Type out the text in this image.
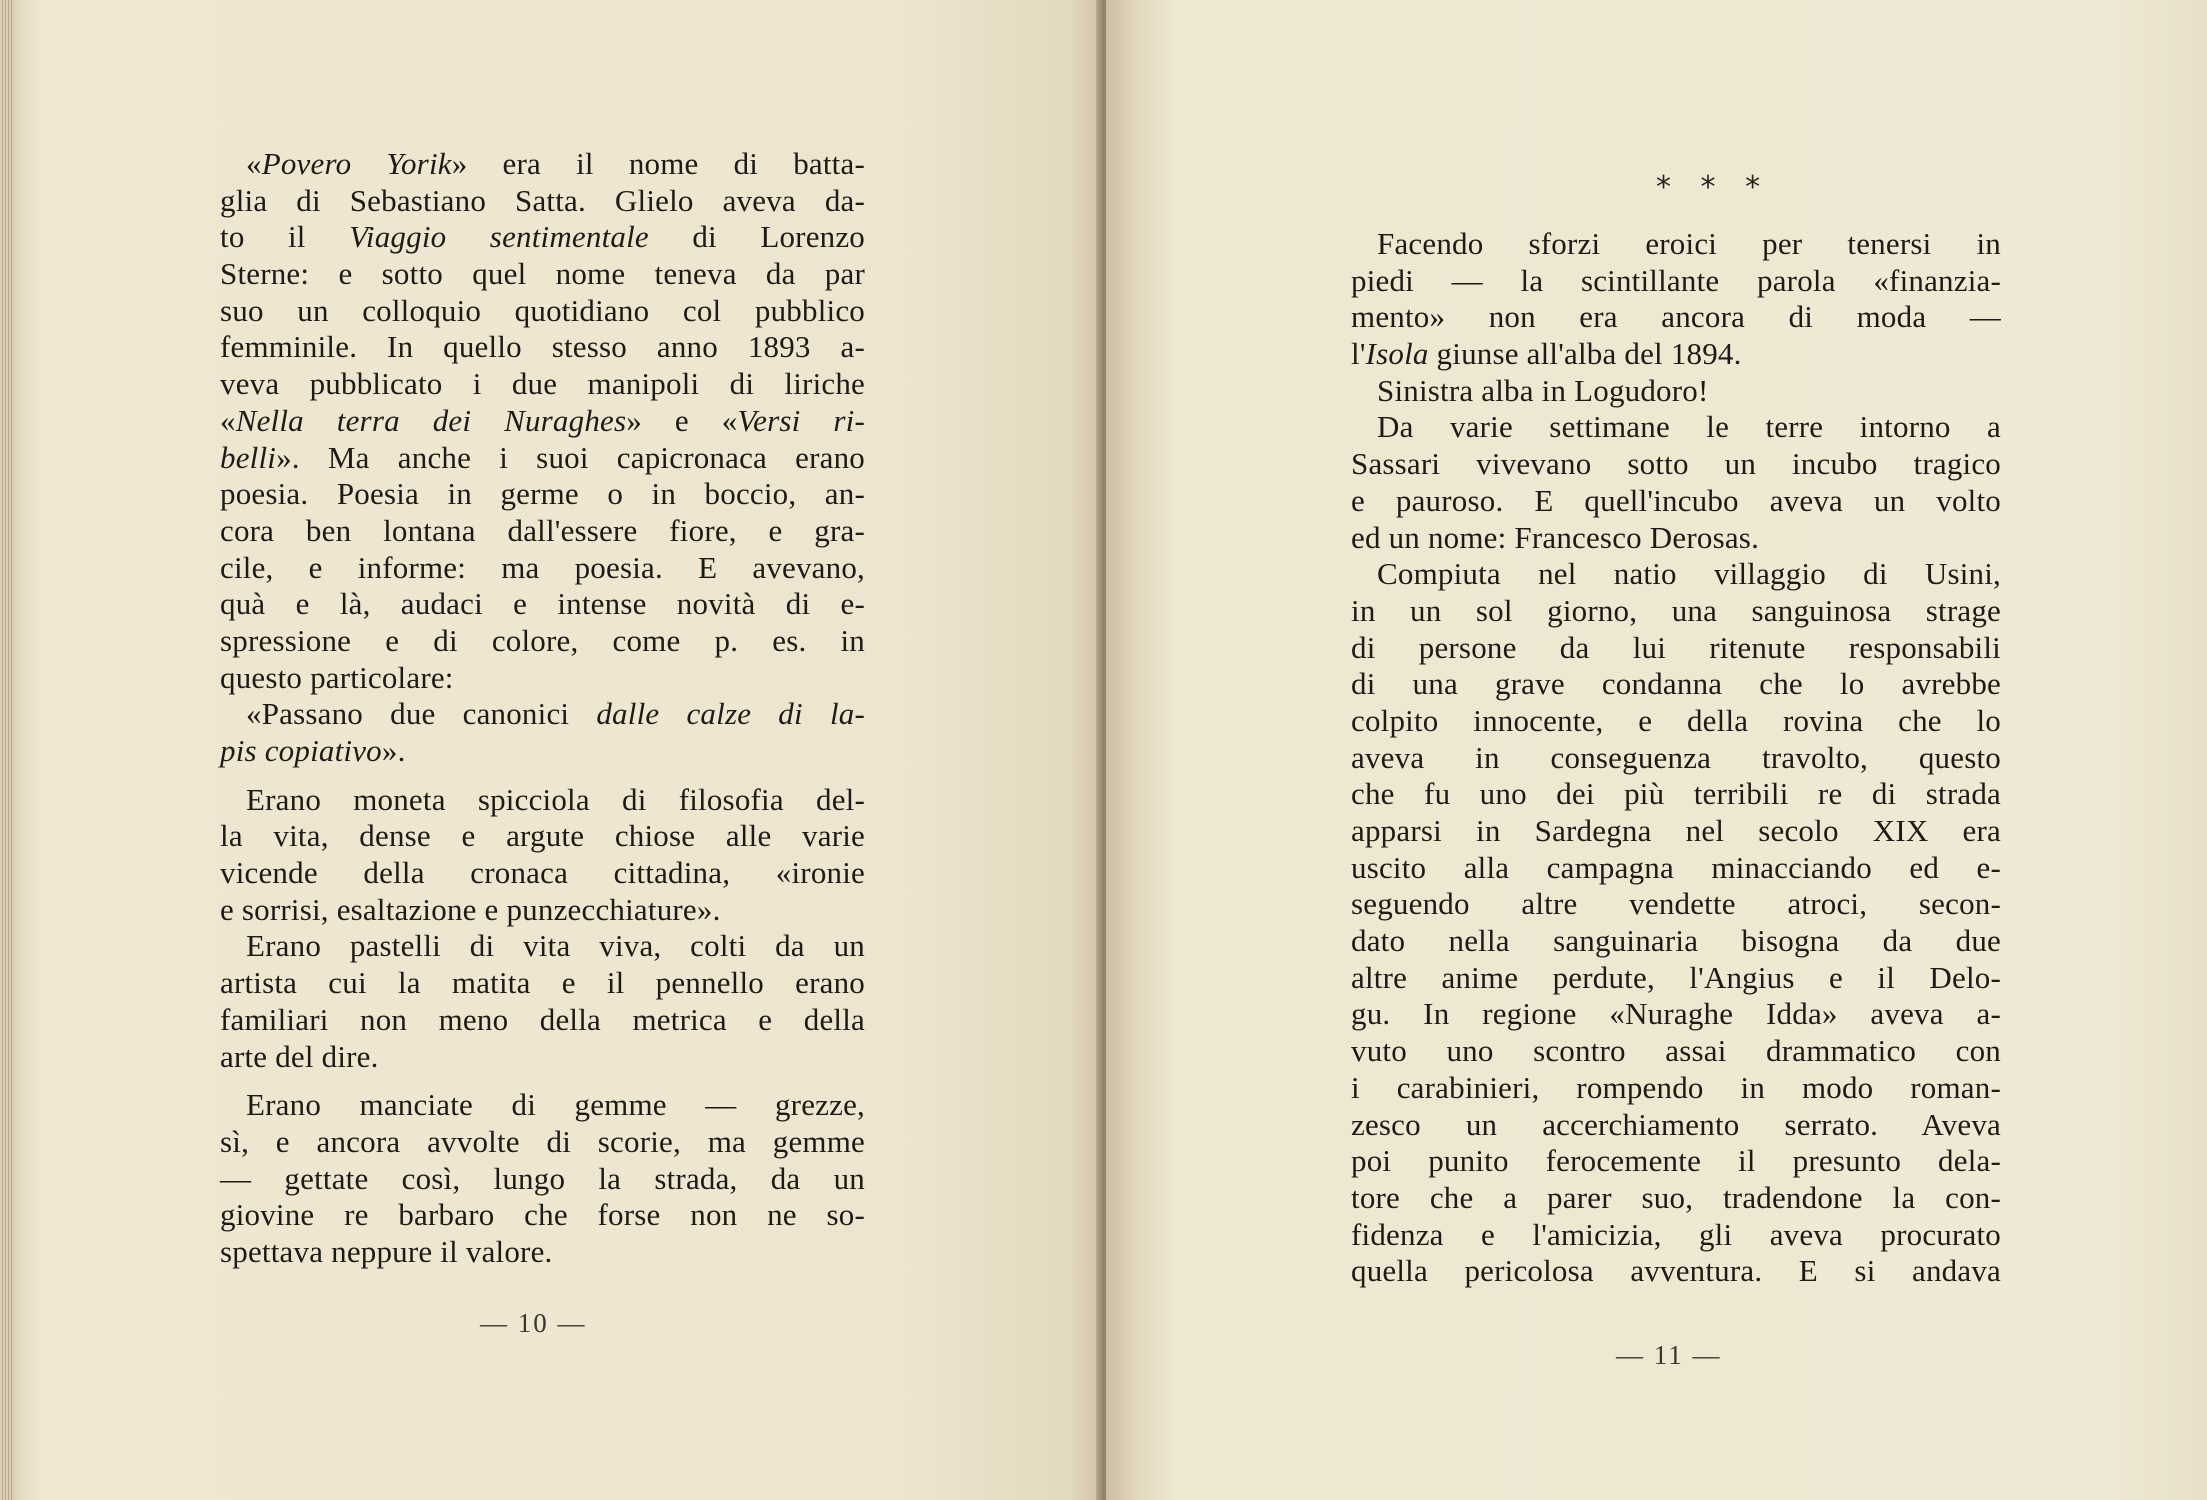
«Povero Yorik» era il nome di batta-
glia di Sebastiano Satta. Glielo aveva da-
to il Viaggio sentimentale di Lorenzo
Sterne: e sotto quel nome teneva da par
suo un colloquio quotidiano col pubblico
femminile. In quello stesso anno 1893 a-
veva pubblicato i due manipoli di liriche
«Nella terra dei Nuraghes» e «Versi ri-
belli». Ma anche i suoi capicronaca erano
poesia. Poesia in germe o in boccio, an-
cora ben lontana dall'essere fiore, e gra-
cile, e informe: ma poesia. E avevano,
quà e là, audaci e intense novità di e-
spressione e di colore, come p. es. in
questo particolare:
«Passano due canonici dalle calze di la-
pis copiativo».
Erano moneta spicciola di filosofia del-
la vita, dense e argute chiose alle varie
vicende della cronaca cittadina, «ironie
e sorrisi, esaltazione e punzecchiature».
Erano pastelli di vita viva, colti da un
artista cui la matita e il pennello erano
familiari non meno della metrica e della
arte del dire.
Erano manciate di gemme — grezze,
sì, e ancora avvolte di scorie, ma gemme
— gettate così, lungo la strada, da un
giovine re barbaro che forse non ne so-
spettava neppure il valore.
— 10 —
* * *
Facendo sforzi eroici per tenersi in
piedi — la scintillante parola «finanzia-
mento» non era ancora di moda —
l'Isola giunse all'alba del 1894.
Sinistra alba in Logudoro!
Da varie settimane le terre intorno a
Sassari vivevano sotto un incubo tragico
e pauroso. E quell'incubo aveva un volto
ed un nome: Francesco Derosas.
Compiuta nel natio villaggio di Usini,
in un sol giorno, una sanguinosa strage
di persone da lui ritenute responsabili
di una grave condanna che lo avrebbe
colpito innocente, e della rovina che lo
aveva in conseguenza travolto, questo
che fu uno dei più terribili re di strada
apparsi in Sardegna nel secolo XIX era
uscito alla campagna minacciando ed e-
seguendo altre vendette atroci, secon-
dato nella sanguinaria bisogna da due
altre anime perdute, l'Angius e il Delo-
gu. In regione «Nuraghe Idda» aveva a-
vuto uno scontro assai drammatico con
i carabinieri, rompendo in modo roman-
zesco un accerchiamento serrato. Aveva
poi punito ferocemente il presunto dela-
tore che a parer suo, tradendone la con-
fidenza e l'amicizia, gli aveva procurato
quella pericolosa avventura. E si andava
— 11 —
